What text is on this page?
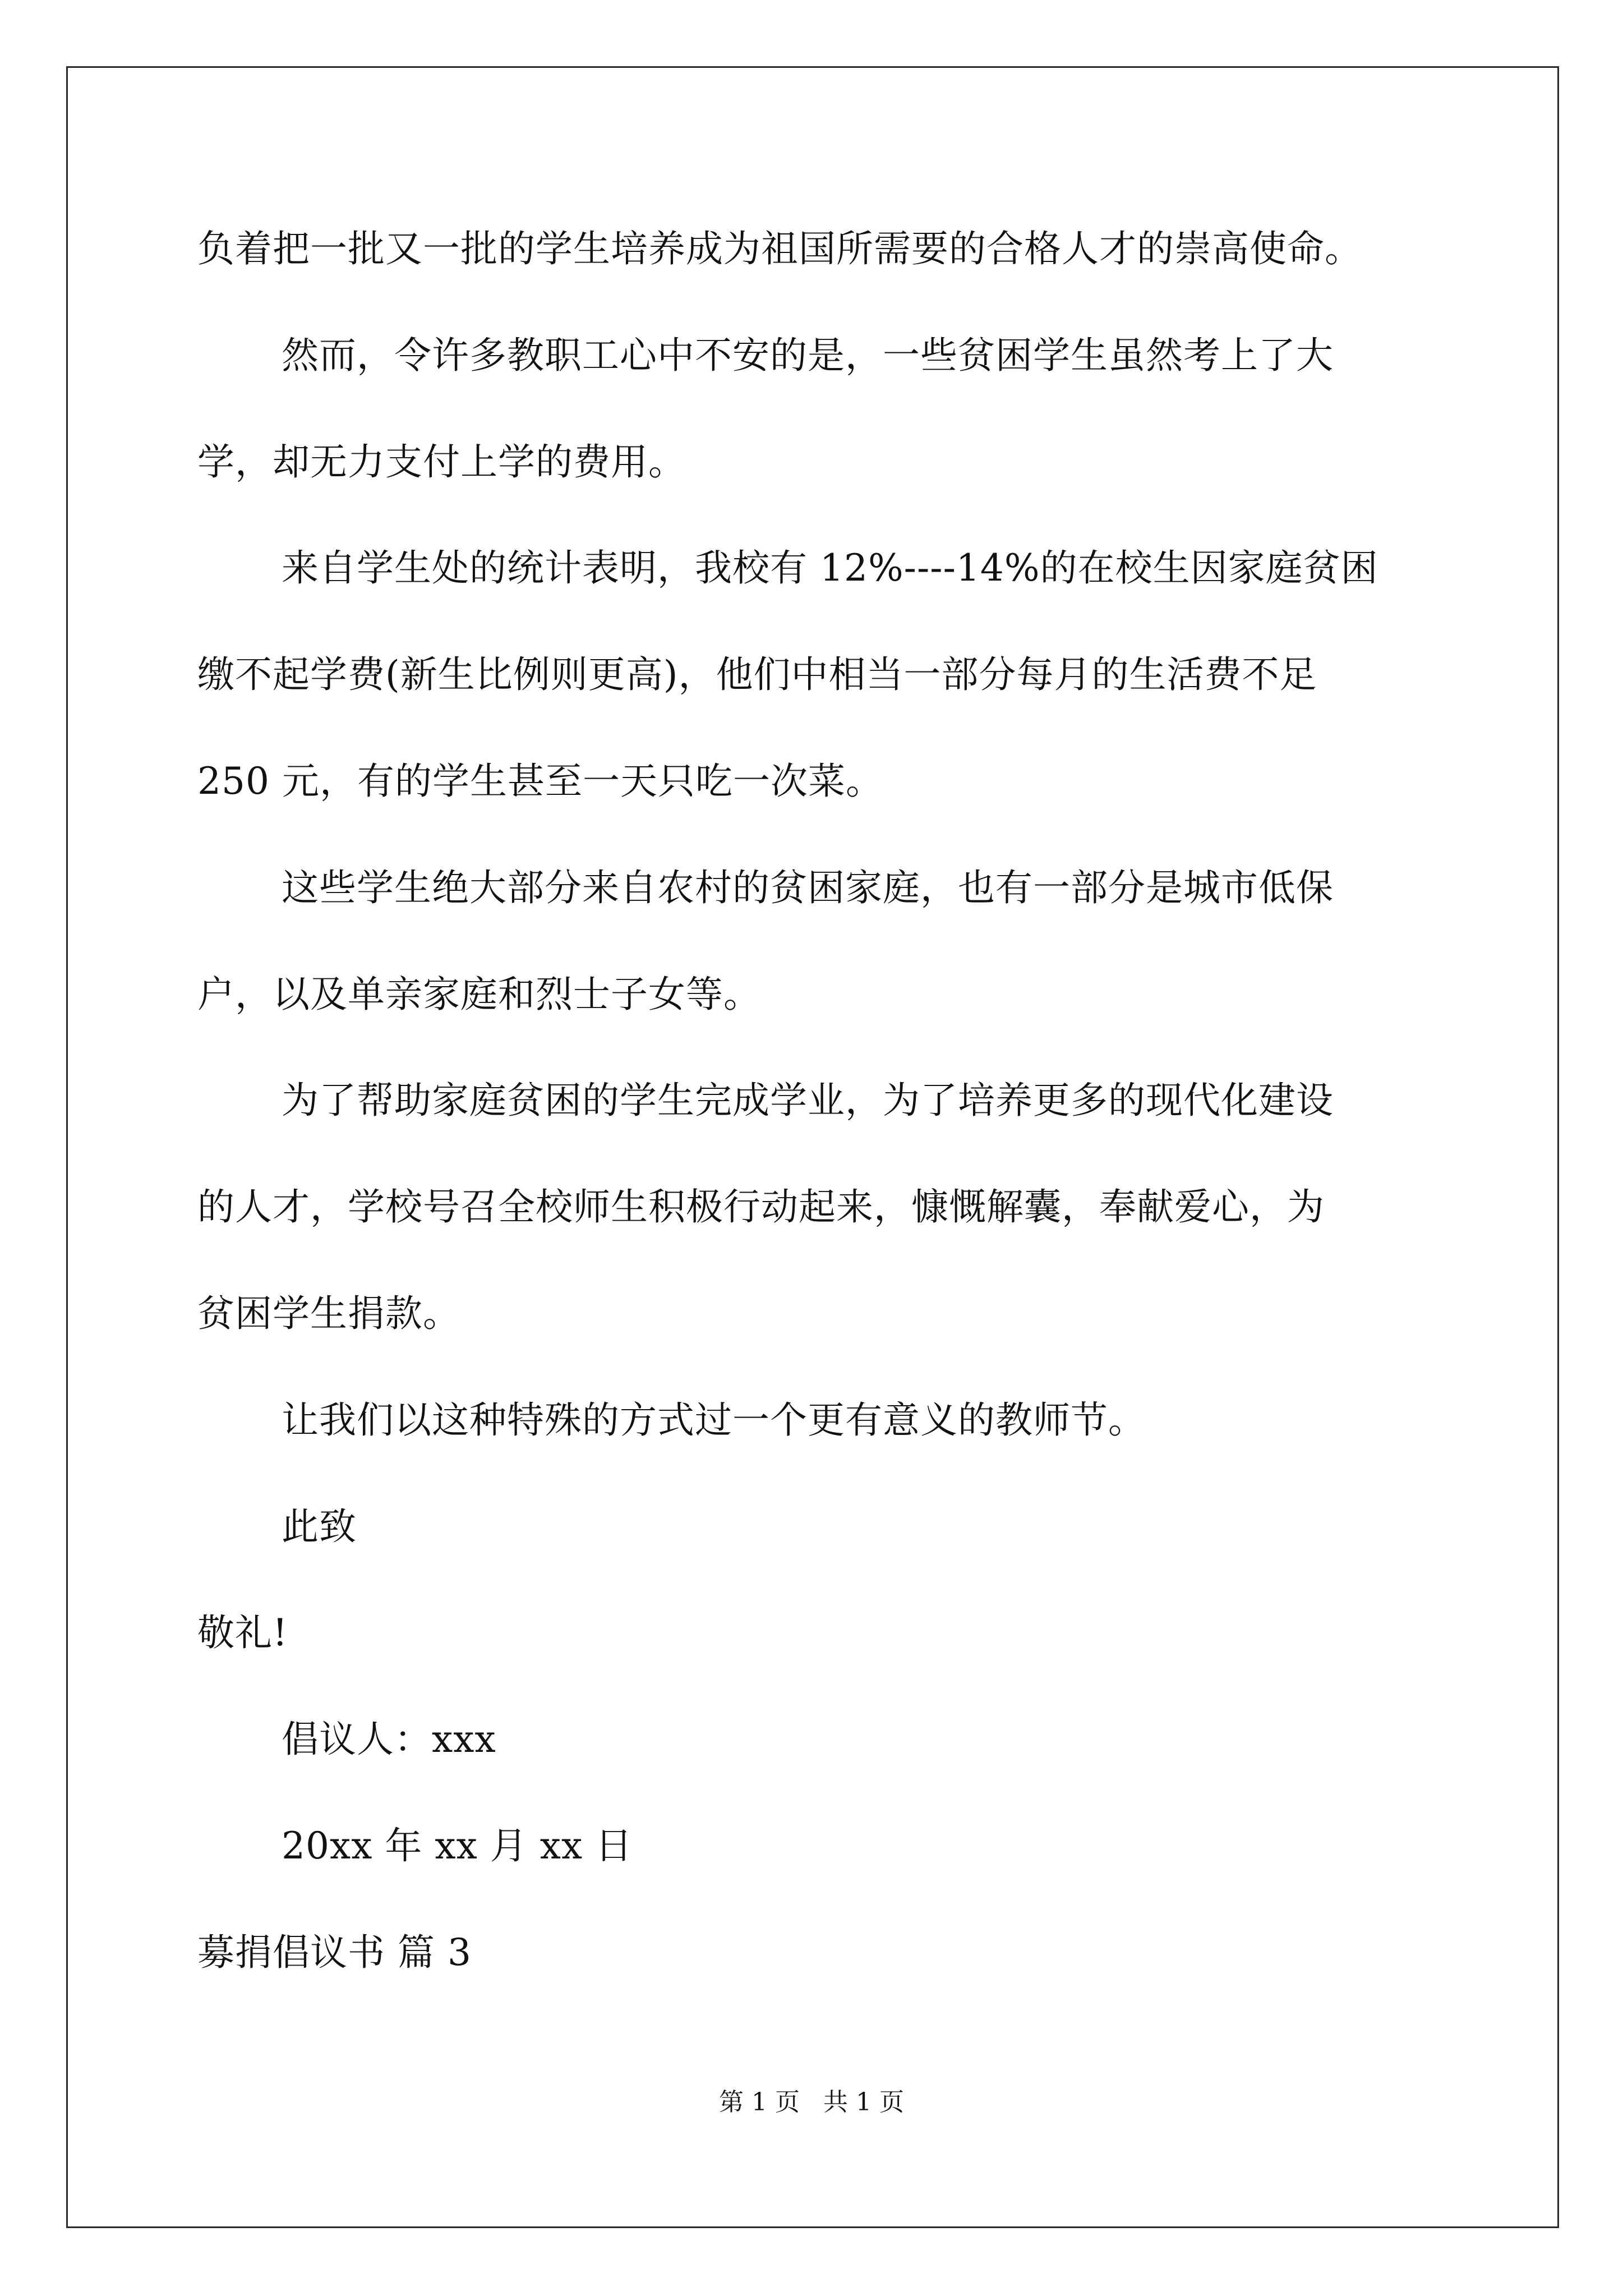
负着把一批又一批的学生培养成为祖国所需要的合格人才的崇高使命。
然而，令许多教职工心中不安的是，一些贫困学生虽然考上了大
学，却无力支付上学的费用。
来自学生处的统计表明，我校有 12%----14%的在校生因家庭贫困
缴不起学费(新生比例则更高)，他们中相当一部分每月的生活费不足
250 元，有的学生甚至一天只吃一次菜。
这些学生绝大部分来自农村的贫困家庭，也有一部分是城市低保
户，以及单亲家庭和烈士子女等。
为了帮助家庭贫困的学生完成学业，为了培养更多的现代化建设
的人才，学校号召全校师生积极行动起来，慷慨解囊，奉献爱心，为
贫困学生捐款。
让我们以这种特殊的方式过一个更有意义的教师节。
此致
敬礼!
倡议人：xxx
20xx 年 xx 月 xx 日
募捐倡议书 篇 3
第 1 页 共 1 页
